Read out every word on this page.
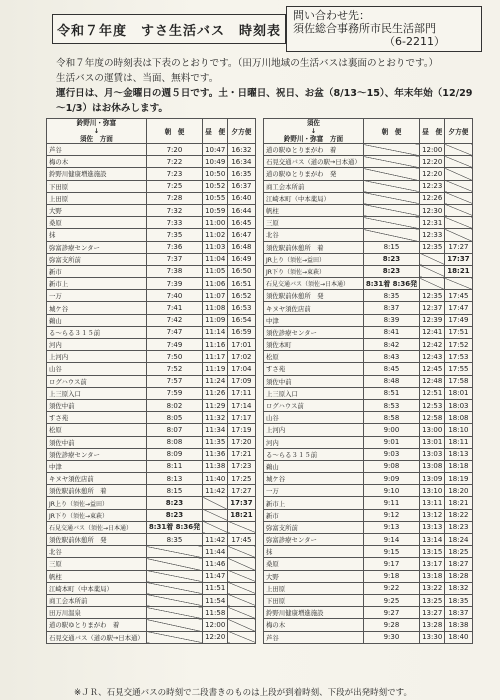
令和７年度　すさ生活バス　時刻表
問い合わせ先：
須佐総合事務所市民生活部門
（6-2211）

令和７年度の時刻表は下表のとおりです。（田万川地域の生活バスは裏面のとおりです。）

生活バスの運賃は、当面、無料です。

運行日は、月～金曜日の週５日です。土・日曜日、祝日、お盆（8/13～15）、年末年始（12/29～1/3）はお休みします。

鈴野川・弥富
↓
須佐　方面	朝　便	昼　便	夕方便
芦谷	7:20	10:47	16:32
梅の木	7:22	10:49	16:34
鈴野川健康増進施設	7:23	10:50	16:35
下田原	7:25	10:52	16:37
上田原	7:28	10:55	16:40
大野	7:32	10:59	16:44
桑原	7:33	11:00	16:45
抹	7:35	11:02	16:47
弥富診療センター	7:36	11:03	16:48
弥富支所前	7:37	11:04	16:49
新市	7:38	11:05	16:50
新市上	7:39	11:06	16:51
一万	7:40	11:07	16:52
城ケ谷	7:41	11:08	16:53
鵜山	7:42	11:09	16:54
る～らる３１５前	7:47	11:14	16:59
河内	7:49	11:16	17:01
上河内	7:50	11:17	17:02
山谷	7:52	11:19	17:04
ログハウス前	7:57	11:24	17:09
上三原入口	7:59	11:26	17:11
須佐中前	8:02	11:29	17:14
すさ苑	8:05	11:32	17:17
松原	8:07	11:34	17:19
須佐中前	8:08	11:35	17:20
須佐診療センター	8:09	11:36	17:21
中津	8:11	11:38	17:23
キヌヤ須佐店前	8:13	11:40	17:25
須佐駅前休憩所　着	8:15	11:42	17:27
JR上り（須佐→益田）	8:23		17:37
JR下り（須佐→東萩）	8:23		18:21
石見交通バス（須佐→日本通）	8:31着 8:36発		
須佐駅前休憩所　発	8:35	11:42	17:45
北谷		11:44	
三原		11:46	
帆柱		11:47	
江崎本町（中本薬局）		11:51	
商工会本所前		11:54	
田万川温泉		11:58	
道の駅ゆとりまがわ　着		12:00	
石見交通バス（道の駅→日本通）		12:20	
須佐
↓
鈴野川・弥富　方面	朝　便	昼　便	夕方便
道の駅ゆとりまがわ　着		12:00	
石見交通バス（道の駅→日本通）		12:20	
道の駅ゆとりまがわ　発		12:20	
商工会本所前		12:23	
江崎本町（中本薬局）		12:26	
帆柱		12:30	
三原		12:31	
北谷		12:33	
須佐駅前休憩所　着	8:15	12:35	17:27
JR上り（須佐→益田）	8:23		17:37
JR下り（須佐→東萩）	8:23		18:21
石見交通バス（須佐→日本通）	8:31着 8:36発		
須佐駅前休憩所　発	8:35	12:35	17:45
キヌヤ須佐店前	8:37	12:37	17:47
中津	8:39	12:39	17:49
須佐診療センター	8:41	12:41	17:51
須佐本町	8:42	12:42	17:52
松原	8:43	12:43	17:53
すさ苑	8:45	12:45	17:55
須佐中前	8:48	12:48	17:58
上三原入口	8:51	12:51	18:01
ログハウス前	8:53	12:53	18:03
山谷	8:58	12:58	18:08
上河内	9:00	13:00	18:10
河内	9:01	13:01	18:11
る～らる３１５前	9:03	13:03	18:13
鵜山	9:08	13:08	18:18
城ケ谷	9:09	13:09	18:19
一万	9:10	13:10	18:20
新市上	9:11	13:11	18:21
新市	9:12	13:12	18:22
弥富支所前	9:13	13:13	18:23
弥富診療センター	9:14	13:14	18:24
抹	9:15	13:15	18:25
桑原	9:17	13:17	18:27
大野	9:18	13:18	18:28
上田原	9:22	13:22	18:32
下田原	9:25	13:25	18:35
鈴野川健康増進施設	9:27	13:27	18:37
梅の木	9:28	13:28	18:38
芦谷	9:30	13:30	18:40
※ＪＲ、石見交通バスの時刻で二段書きのものは上段が到着時刻、下段が出発時刻です。
